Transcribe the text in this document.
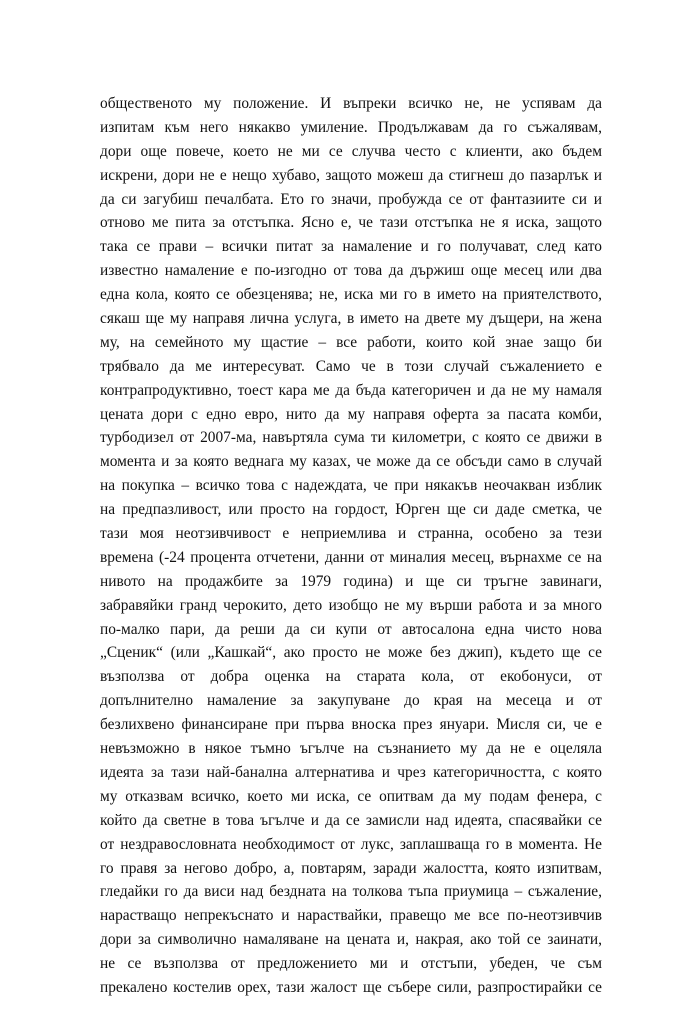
общественото му положение. И въпреки всичко не, не успявам да
изпитам към него някакво умиление. Продължавам да го съжалявам,
дори още повече, което не ми се случва често с клиенти, ако бъдем
искрени, дори не е нещо хубаво, защото можеш да стигнеш до пазарлък и
да си загубиш печалбата. Ето го значи, пробужда се от фантазиите си и
отново ме пита за отстъпка. Ясно е, че тази отстъпка не я иска, защото
така се прави – всички питат за намаление и го получават, след като
известно намаление е по-изгодно от това да държиш още месец или два
една кола, която се обезценява; не, иска ми го в името на приятелството,
сякаш ще му направя лична услуга, в името на двете му дъщери, на жена
му, на семейното му щастие – все работи, които кой знае защо би
трябвало да ме интересуват. Само че в този случай съжалението е
контрапродуктивно, тоест кара ме да бъда категоричен и да не му намаля
цената дори с едно евро, нито да му направя оферта за пасата комби,
турбодизел от 2007-ма, навъртяла сума ти километри, с която се движи в
момента и за която веднага му казах, че може да се обсъди само в случай
на покупка – всичко това с надеждата, че при някакъв неочакван изблик
на предпазливост, или просто на гордост, Юрген ще си даде сметка, че
тази моя неотзивчивост е неприемлива и странна, особено за тези
времена (-24 процента отчетени, данни от миналия месец, върнахме се на
нивото на продажбите за 1979 година) и ще си тръгне завинаги,
забравяйки гранд черокито, дето изобщо не му върши работа и за много
по-малко пари, да реши да си купи от автосалона една чисто нова
„Сценик“ (или „Кашкай“, ако просто не може без джип), където ще се
възползва от добра оценка на старата кола, от екобонуси, от
допълнително намаление за закупуване до края на месеца и от
безлихвено финансиране при първа вноска през януари. Мисля си, че е
невъзможно в някое тъмно ъгълче на съзнанието му да не е оцеляла
идеята за тази най-банална алтернатива и чрез категоричността, с която
му отказвам всичко, което ми иска, се опитвам да му подам фенера, с
който да светне в това ъгълче и да се замисли над идеята, спасявайки се
от нездравословната необходимост от лукс, заплашваща го в момента. Не
го правя за негово добро, а, повтарям, заради жалостта, която изпитвам,
гледайки го да виси над бездната на толкова тъпа приумица – съжаление,
нарастващо непрекъснато и нараствайки, правещо ме все по-неотзивчив
дори за символично намаляване на цената и, накрая, ако той се заинати,
не се възползва от предложението ми и отстъпи, убеден, че съм
прекалено костелив орех, тази жалост ще събере сили, разпростирайки се
